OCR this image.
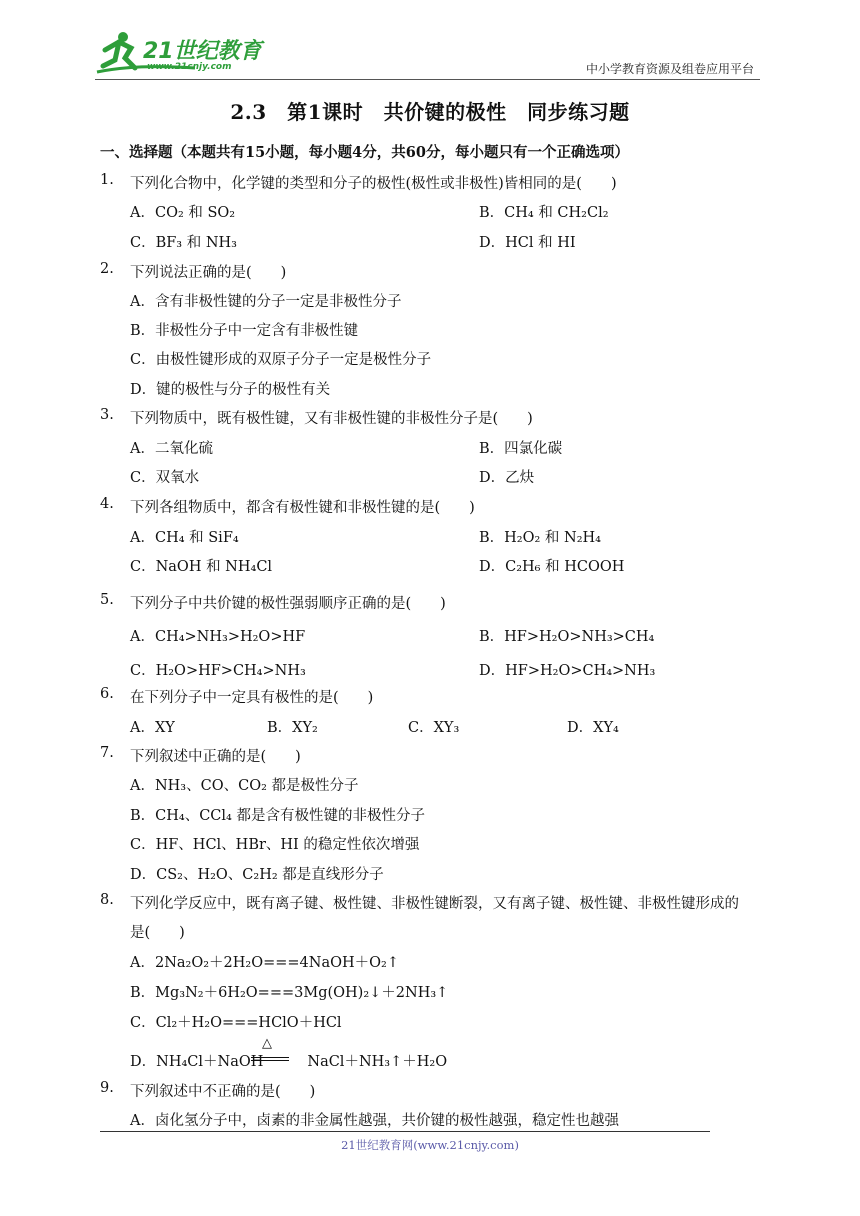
21世纪教育
www.21cnjy.com	中小学教育资源及组卷应用平台
2.3　第1课时　共价键的极性　同步练习题
一、选择题（本题共有15小题，每小题4分，共60分，每小题只有一个正确选项）
1. 下列化合物中，化学键的类型和分子的极性(极性或非极性)皆相同的是(　　)
A．CO₂ 和 SO₂	B．CH₄ 和 CH₂Cl₂
C．BF₃ 和 NH₃	D．HCl 和 HI
2. 下列说法正确的是(　　)
A．含有非极性键的分子一定是非极性分子
B．非极性分子中一定含有非极性键
C．由极性键形成的双原子分子一定是极性分子
D．键的极性与分子的极性有关
3. 下列物质中，既有极性键，又有非极性键的非极性分子是(　　)
A．二氧化硫	B．四氯化碳
C．双氧水	D．乙炔
4. 下列各组物质中，都含有极性键和非极性键的是(　　)
A．CH₄ 和 SiF₄	B．H₂O₂ 和 N₂H₄
C．NaOH 和 NH₄Cl	D．C₂H₆ 和 HCOOH
5. 下列分子中共价键的极性强弱顺序正确的是(　　)
A．CH₄>NH₃>H₂O>HF	B．HF>H₂O>NH₃>CH₄
C．H₂O>HF>CH₄>NH₃	D．HF>H₂O>CH₄>NH₃
6. 在下列分子中一定具有极性的是(　　)
A．XY	B．XY₂	C．XY₃	D．XY₄
7. 下列叙述中正确的是(　　)
A．NH₃、CO、CO₂ 都是极性分子
B．CH₄、CCl₄ 都是含有极性键的非极性分子
C．HF、HCl、HBr、HI 的稳定性依次增强
D．CS₂、H₂O、C₂H₂ 都是直线形分子
8. 下列化学反应中，既有离子键、极性键、非极性键断裂，又有离子键、极性键、非极性键形成的
是(　　)
A．2Na₂O₂＋2H₂O===4NaOH＋O₂↑
B．Mg₃N₂＋6H₂O===3Mg(OH)₂↓＋2NH₃↑
C．Cl₂＋H₂O===HClO＋HCl
D．NH₄Cl＋NaOH	NaCl＋NH₃↑＋H₂O
△
9. 下列叙述中不正确的是(　　)
A．卤化氢分子中，卤素的非金属性越强，共价键的极性越强，稳定性也越强
21世纪教育网(www.21cnjy.com)
